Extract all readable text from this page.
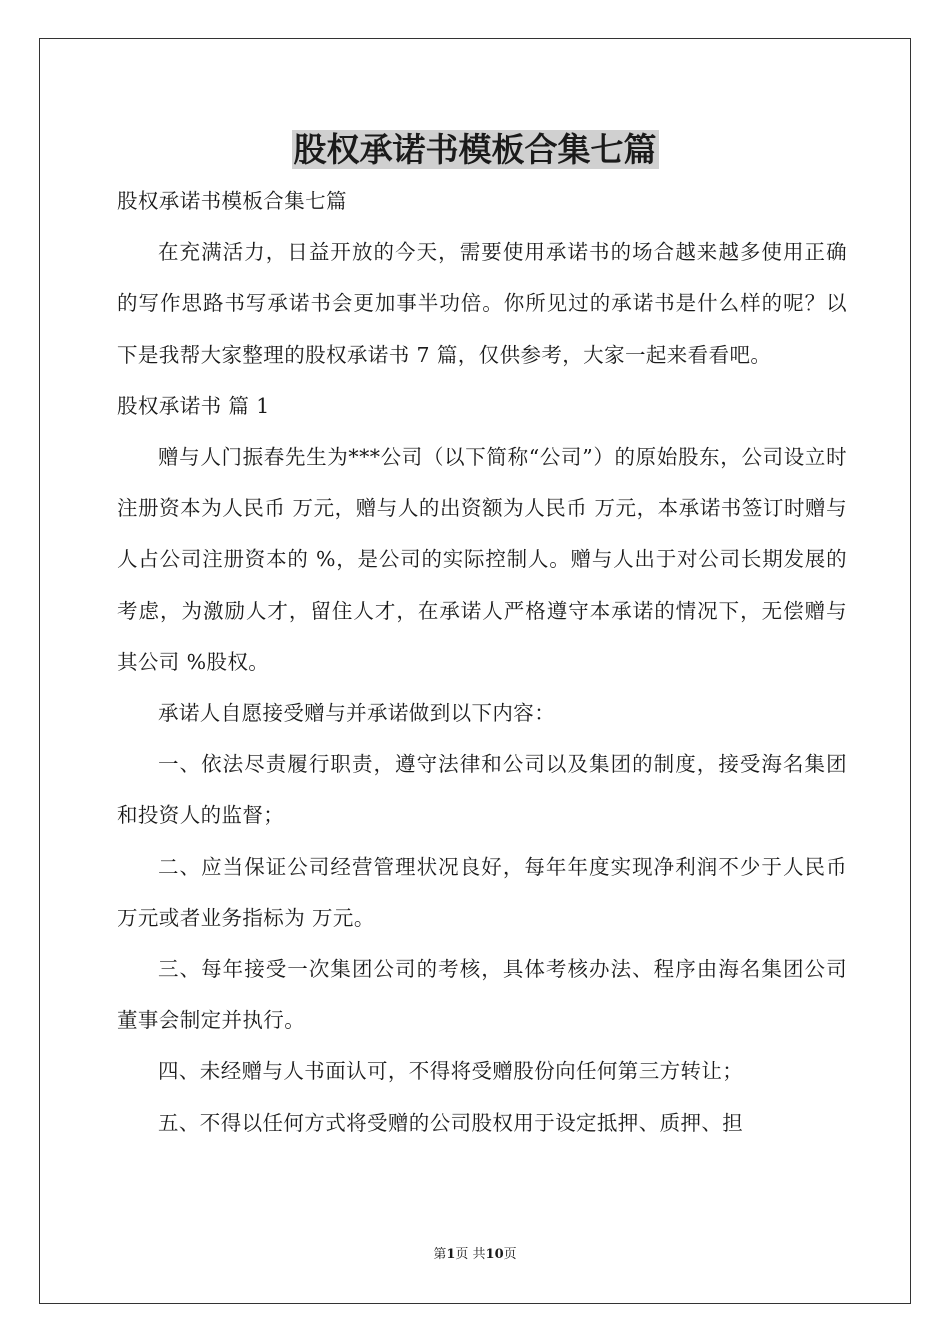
股权承诺书模板合集七篇

股权承诺书模板合集七篇

在充满活力，日益开放的今天，需要使用承诺书的场合越来越多使用正确的写作思路书写承诺书会更加事半功倍。你所见过的承诺书是什么样的呢？以下是我帮大家整理的股权承诺书 7 篇，仅供参考，大家一起来看看吧。

股权承诺书 篇 1

赠与人门振春先生为***公司（以下简称“公司”）的原始股东，公司设立时注册资本为人民币 万元，赠与人的出资额为人民币 万元，本承诺书签订时赠与人占公司注册资本的 %，是公司的实际控制人。赠与人出于对公司长期发展的考虑，为激励人才，留住人才，在承诺人严格遵守本承诺的情况下，无偿赠与其公司 %股权。

承诺人自愿接受赠与并承诺做到以下内容：

一、依法尽责履行职责，遵守法律和公司以及集团的制度，接受海名集团和投资人的监督；

二、应当保证公司经营管理状况良好，每年年度实现净利润不少于人民币 万元或者业务指标为 万元。

三、每年接受一次集团公司的考核，具体考核办法、程序由海名集团公司董事会制定并执行。

四、未经赠与人书面认可，不得将受赠股份向任何第三方转让；

五、不得以任何方式将受赠的公司股权用于设定抵押、质押、担

第1页 共10页
